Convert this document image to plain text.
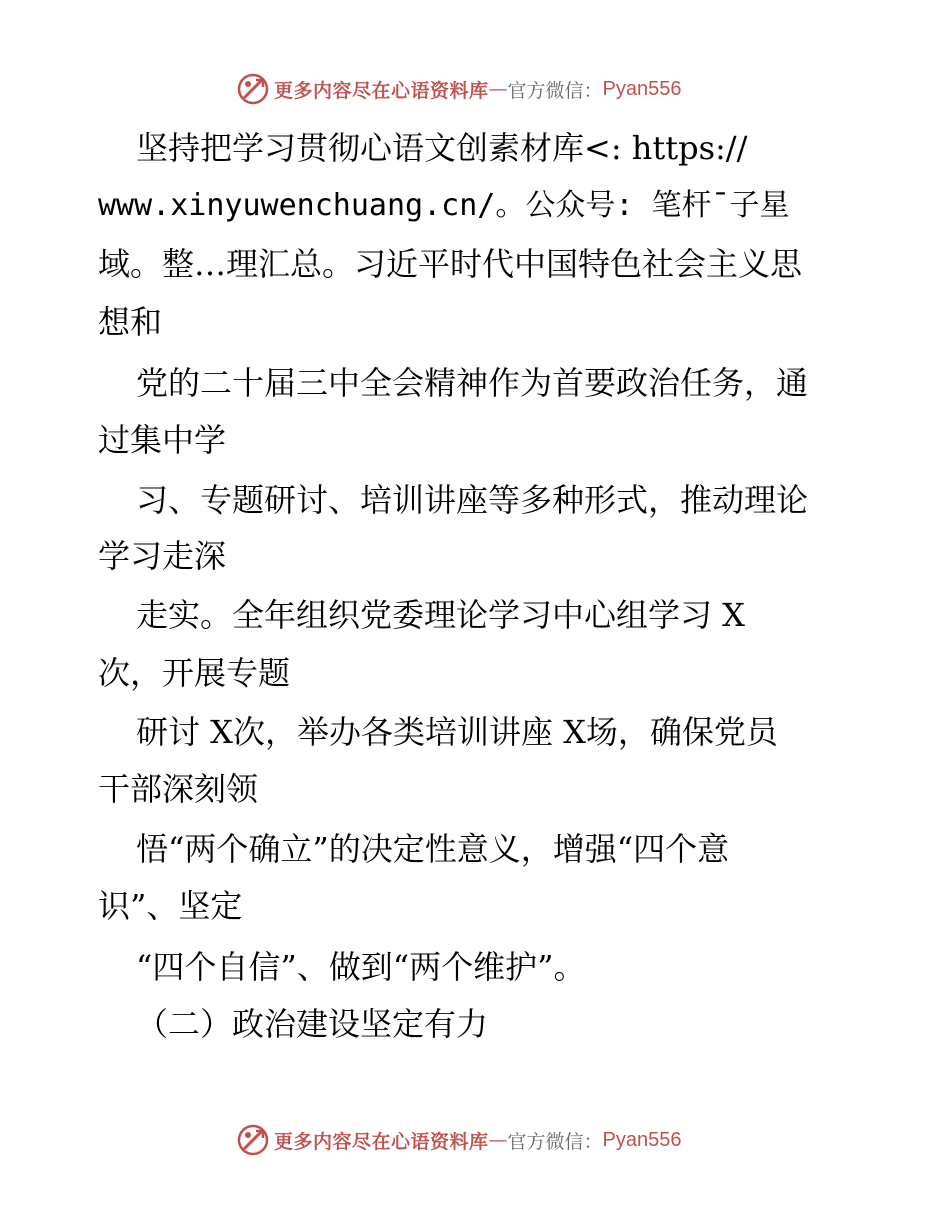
更多内容尽在心语资料库 — 官方微信： Pyan556
坚持把学习贯彻心语文创素材库<: https://
www.xinyuwenchuang.cn/。公众号: 笔杆¯子星
域。整…理汇总。习近平时代中国特色社会主义思
想和
党的二十届三中全会精神作为首要政治任务，通
过集中学
习、专题研讨、培训讲座等多种形式，推动理论
学习走深
走实。全年组织党委理论学习中心组学习 X
次，开展专题
研讨 X次，举办各类培训讲座 X场，确保党员
干部深刻领
悟“两个确立”的决定性意义，增强“四个意
识”、坚定
“四个自信”、做到“两个维护”。
（二）政治建设坚定有力
更多内容尽在心语资料库 — 官方微信： Pyan556
